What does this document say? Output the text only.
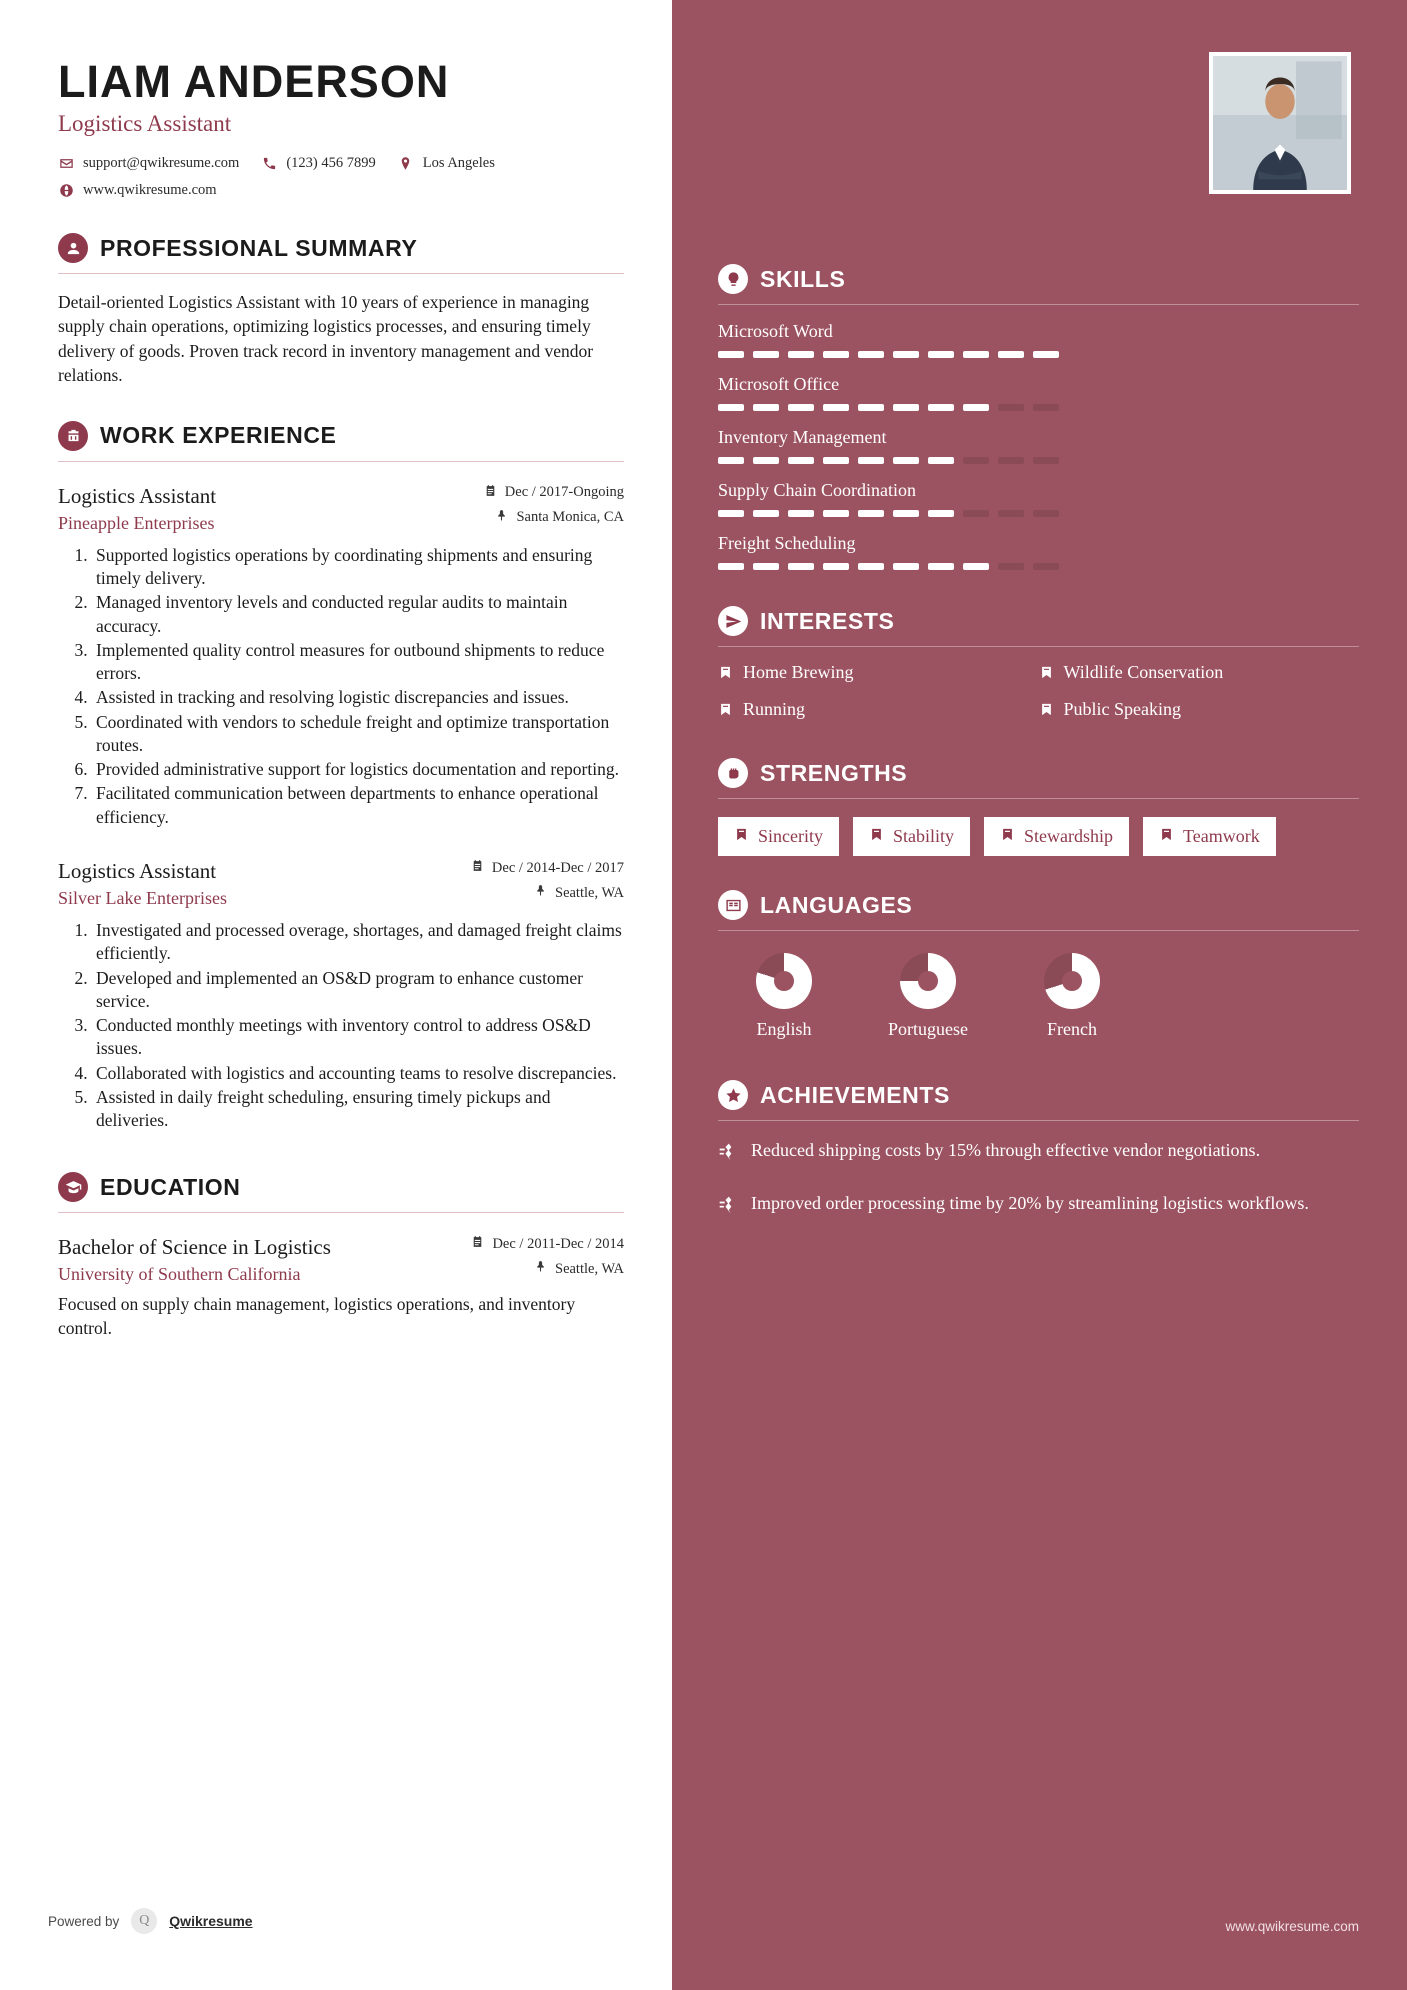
LIAM ANDERSON
Logistics Assistant
support@qwikresume.com	(123) 456 7899	Los Angeles
www.qwikresume.com
PROFESSIONAL SUMMARY
Detail-oriented Logistics Assistant with 10 years of experience in managing supply chain operations, optimizing logistics processes, and ensuring timely delivery of goods. Proven track record in inventory management and vendor relations.
WORK EXPERIENCE
Logistics Assistant
Pineapple Enterprises
Dec / 2017-Ongoing
Santa Monica, CA
1. Supported logistics operations by coordinating shipments and ensuring timely delivery.
2. Managed inventory levels and conducted regular audits to maintain accuracy.
3. Implemented quality control measures for outbound shipments to reduce errors.
4. Assisted in tracking and resolving logistic discrepancies and issues.
5. Coordinated with vendors to schedule freight and optimize transportation routes.
6. Provided administrative support for logistics documentation and reporting.
7. Facilitated communication between departments to enhance operational efficiency.
Logistics Assistant
Silver Lake Enterprises
Dec / 2014-Dec / 2017
Seattle, WA
1. Investigated and processed overage, shortages, and damaged freight claims efficiently.
2. Developed and implemented an OS&D program to enhance customer service.
3. Conducted monthly meetings with inventory control to address OS&D issues.
4. Collaborated with logistics and accounting teams to resolve discrepancies.
5. Assisted in daily freight scheduling, ensuring timely pickups and deliveries.
EDUCATION
Bachelor of Science in Logistics
University of Southern California
Dec / 2011-Dec / 2014
Seattle, WA
Focused on supply chain management, logistics operations, and inventory control.
Powered by	Q	Qwikresume
SKILLS
Microsoft Word
Microsoft Office
Inventory Management
Supply Chain Coordination
Freight Scheduling
INTERESTS
Home Brewing	Wildlife Conservation
Running	Public Speaking
STRENGTHS
Sincerity	Stability	Stewardship	Teamwork
LANGUAGES
English	Portuguese	French
ACHIEVEMENTS
Reduced shipping costs by 15% through effective vendor negotiations.
Improved order processing time by 20% by streamlining logistics workflows.
www.qwikresume.com
